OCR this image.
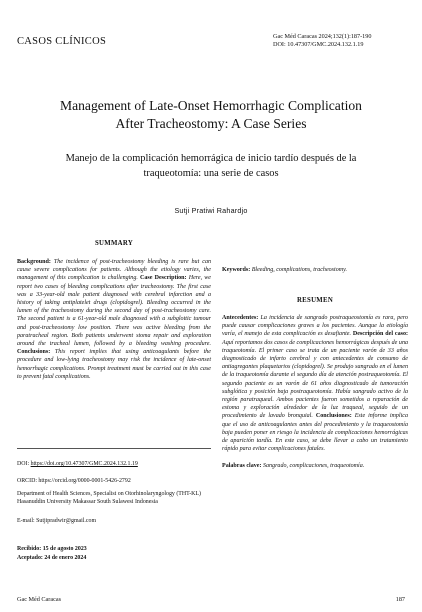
CASOS CLÍNICOS	Gac Méd Caracas 2024;132(1):187-190
DOI: 10.47307/GMC.2024.132.1.19
Management of Late-Onset Hemorrhagic Complication
After Tracheostomy: A Case Series
Manejo de la complicación hemorrágica de inicio tardío después de la
traqueotomía: una serie de casos
Sutji Pratiwi Rahardjo
SUMMARY

Background: The incidence of post-tracheostomy bleeding is rare but can cause severe complications for patients. Although the etiology varies, the management of this complication is challenging. Case Description: Here, we report two cases of bleeding complications after tracheostomy. The first case was a 33-year-old male patient diagnosed with cerebral infarction and a history of taking antiplatelet drugs (clopidogrel). Bleeding occurred in the lumen of the tracheostomy during the second day of post-tracheostomy care. The second patient is a 61-year-old male diagnosed with a subglottic tumour and post-tracheostomy low position. There was active bleeding from the paratracheal region. Both patients underwent stoma repair and exploration around the tracheal lumen, followed by a bleeding washing procedure. Conclusions: This report implies that using anticoagulants before the procedure and low-lying tracheostomy may risk the incidence of late-onset hemorrhagic complications. Prompt treatment must be carried out in this case to prevent fatal complications.

DOI: https://doi.org/10.47307/GMC.2024.132.1.19
ORCID: https://orcid.org/0000-0001-5426-2792
Department of Health Sciences, Specialist on Otorhinolaryngology (THT-KL) Hasanuddin University Makassar South Sulawesi Indonesia
E-mail: Sutjipradwir@gmail.com
Recibido: 15 de agosto 2023
Aceptado: 24 de enero 2024

Keywords: Bleeding, complications, tracheostomy.

RESUMEN

Antecedentes: La incidencia de sangrado postraqueostomía es rara, pero puede causar complicaciones graves a los pacientes. Aunque la etiología varía, el manejo de esta complicación es desafiante. Descripción del caso: Aquí reportamos dos casos de complicaciones hemorrágicas después de una traqueotomía. El primer caso se trata de un paciente varón de 33 años diagnosticado de infarto cerebral y con antecedentes de consumo de antiagregantes plaquetarios (clopidogrel). Se produjo sangrado en el lumen de la traqueotomía durante el segundo día de atención postraqueotomía. El segundo paciente es un varón de 61 años diagnosticado de tumoración subglótica y posición baja postraqueotomía. Había sangrado activo de la región paratraqueal. Ambos pacientes fueron sometidos a reparación de estoma y exploración alrededor de la luz traqueal, seguido de un procedimiento de lavado bronquial. Conclusiones: Este informe implica que el uso de anticoagulantes antes del procedimiento y la traqueostomía baja pueden poner en riesgo la incidencia de complicaciones hemorrágicas de aparición tardía. En este caso, se debe llevar a cabo un tratamiento rápido para evitar complicaciones fatales.

Palabras clave: Sangrado, complicaciones, traqueotomía.

Gac Méd Caracas	187
